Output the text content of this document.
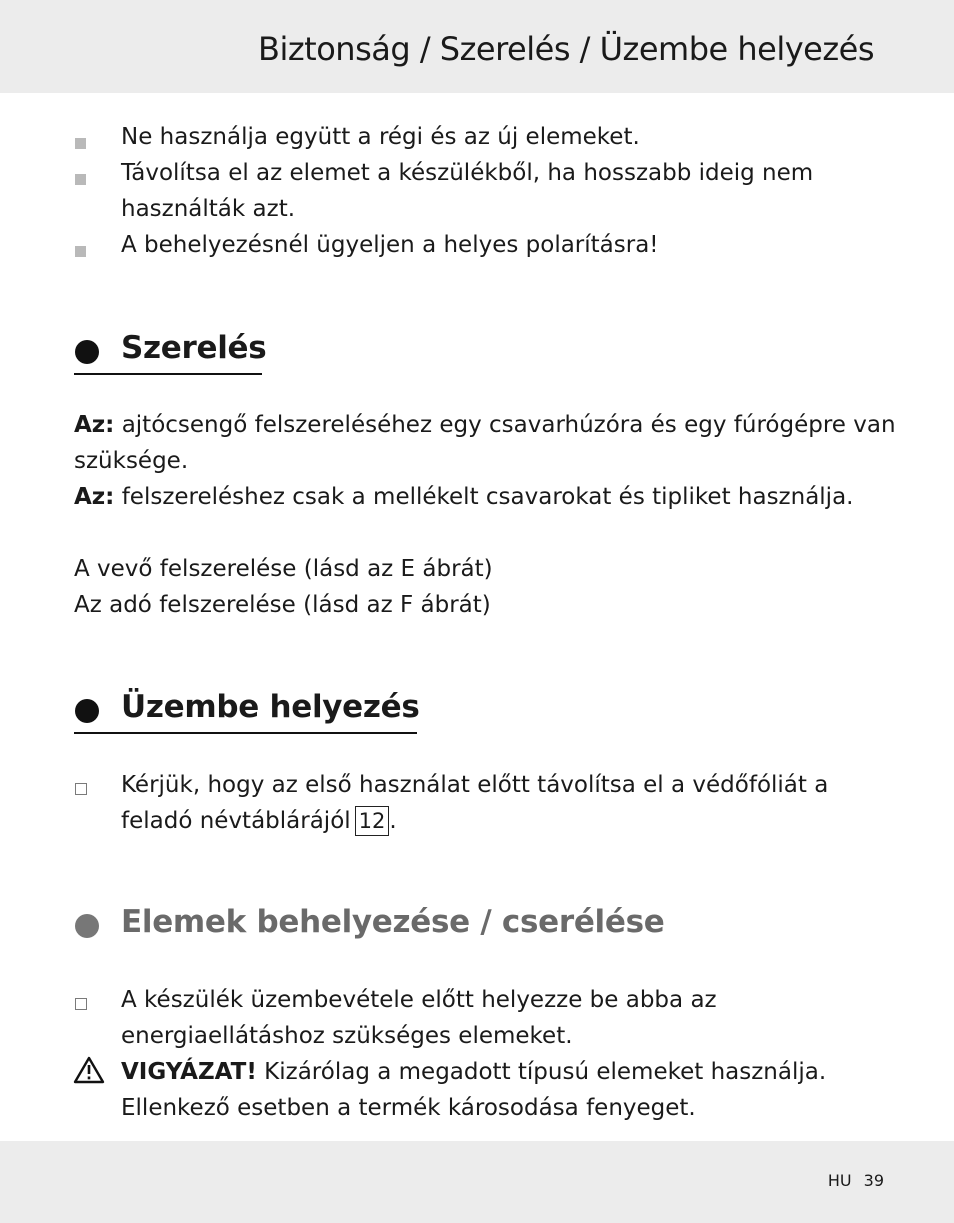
Biztonság / Szerelés / Üzembe helyezés
Ne használja együtt a régi és az új elemeket.
Távolítsa el az elemet a készülékből, ha hosszabb ideig nem
használták azt.
A behelyezésnél ügyeljen a helyes polarításra!
Szerelés
Az: ajtócsengő felszereléséhez egy csavarhúzóra és egy fúrógépre van
szüksége.
Az: felszereléshez csak a mellékelt csavarokat és tipliket használja.
A vevő felszerelése (lásd az E ábrát)
Az adó felszerelése (lásd az F ábrát)
Üzembe helyezés
Kérjük, hogy az első használat előtt távolítsa el a védőfóliát a
feladó névtáblárájól 12 .
Elemek behelyezése / cserélése
A készülék üzembevétele előtt helyezze be abba az
energiaellátáshoz szükséges elemeket.
VIGYÁZAT! Kizárólag a megadott típusú elemeket használja.
Ellenkező esetben a termék károsodása fenyeget.
HU 39
